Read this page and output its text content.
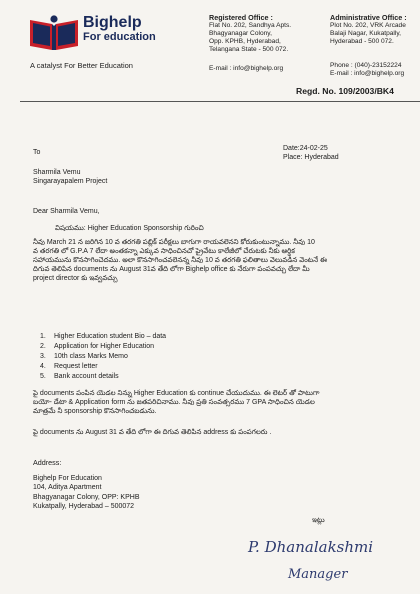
Bighelp
For education
A catalyst For Better Education
Registered Office :
Flat No. 202, Sandhya Apts.
Bhagyanagar Colony,
Opp. KPHB, Hyderabad,
Telangana State - 500 072.
E-mail : info@bighelp.org
Administrative Office :
Plot No. 202, VRK Arcade
Balaji Nagar, Kukatpally,
Hyderabad - 500 072.
Phone : (040)-23152224
E-mail : info@bighelp.org
Regd. No. 109/2003/BK4
Date:24-02-25
Place: Hyderabad
To
Sharmila Vemu
Singarayapalem Project
Dear Sharmila Vemu,
విషయము: Higher Education Sponsorship గురించి
నీవు March 21 న జరిగిన 10 వ తరగతి పబ్లిక్ పరీక్షలు బాగుగా రాయవలెనని కోరుకుంటున్నాము. నీవు 10
వ తరగతి లో G.P.A 7 లేదా అంతకన్నా ఎక్కువ సాధించినచో ప్రైవేటు కాలేజీలో చేరుటకు నీకు ఆర్థిక
సహాయమును కొనసాగించెదము. అలా కొనసాగించవలెనన్న నీవు 10 వ తరగతి ఫలితాలు వెలువడిన వెంటనే ఈ
దిగువ తెలిపిన documents ను August 31వ తేది లోగా Bighelp office కు నేరుగా పంపవచ్చు లేదా మీ
project director కు ఇవ్వవచ్చు
1. Higher Education student Bio – data
2. Application for Higher Education
3. 10th class Marks Memo
4. Request letter
5. Bank account details
పై documents పంపిన యెడల నిన్ను Higher Education కు continue చేయుదుము. ఈ లెటర్ తో పాటుగా
బయో- డేటా & Application form ను జతపరిచినాము. నీవు ప్రతి సంవత్సరము 7 GPA సాధించిన యెడల
మాత్రమే నీ sponsorship కొనసాగించబడును.
పై documents ను August 31 వ తేది లోగా ఈ దిగువ తెలిపిన address కు పంపగలరు .
Address:
Bighelp For Education
104, Aditya Apartment
Bhagyanagar Colony, OPP: KPHB
Kukatpally, Hyderabad – 500072
ఇట్లు
P. Dhanalakshmi
Manager
